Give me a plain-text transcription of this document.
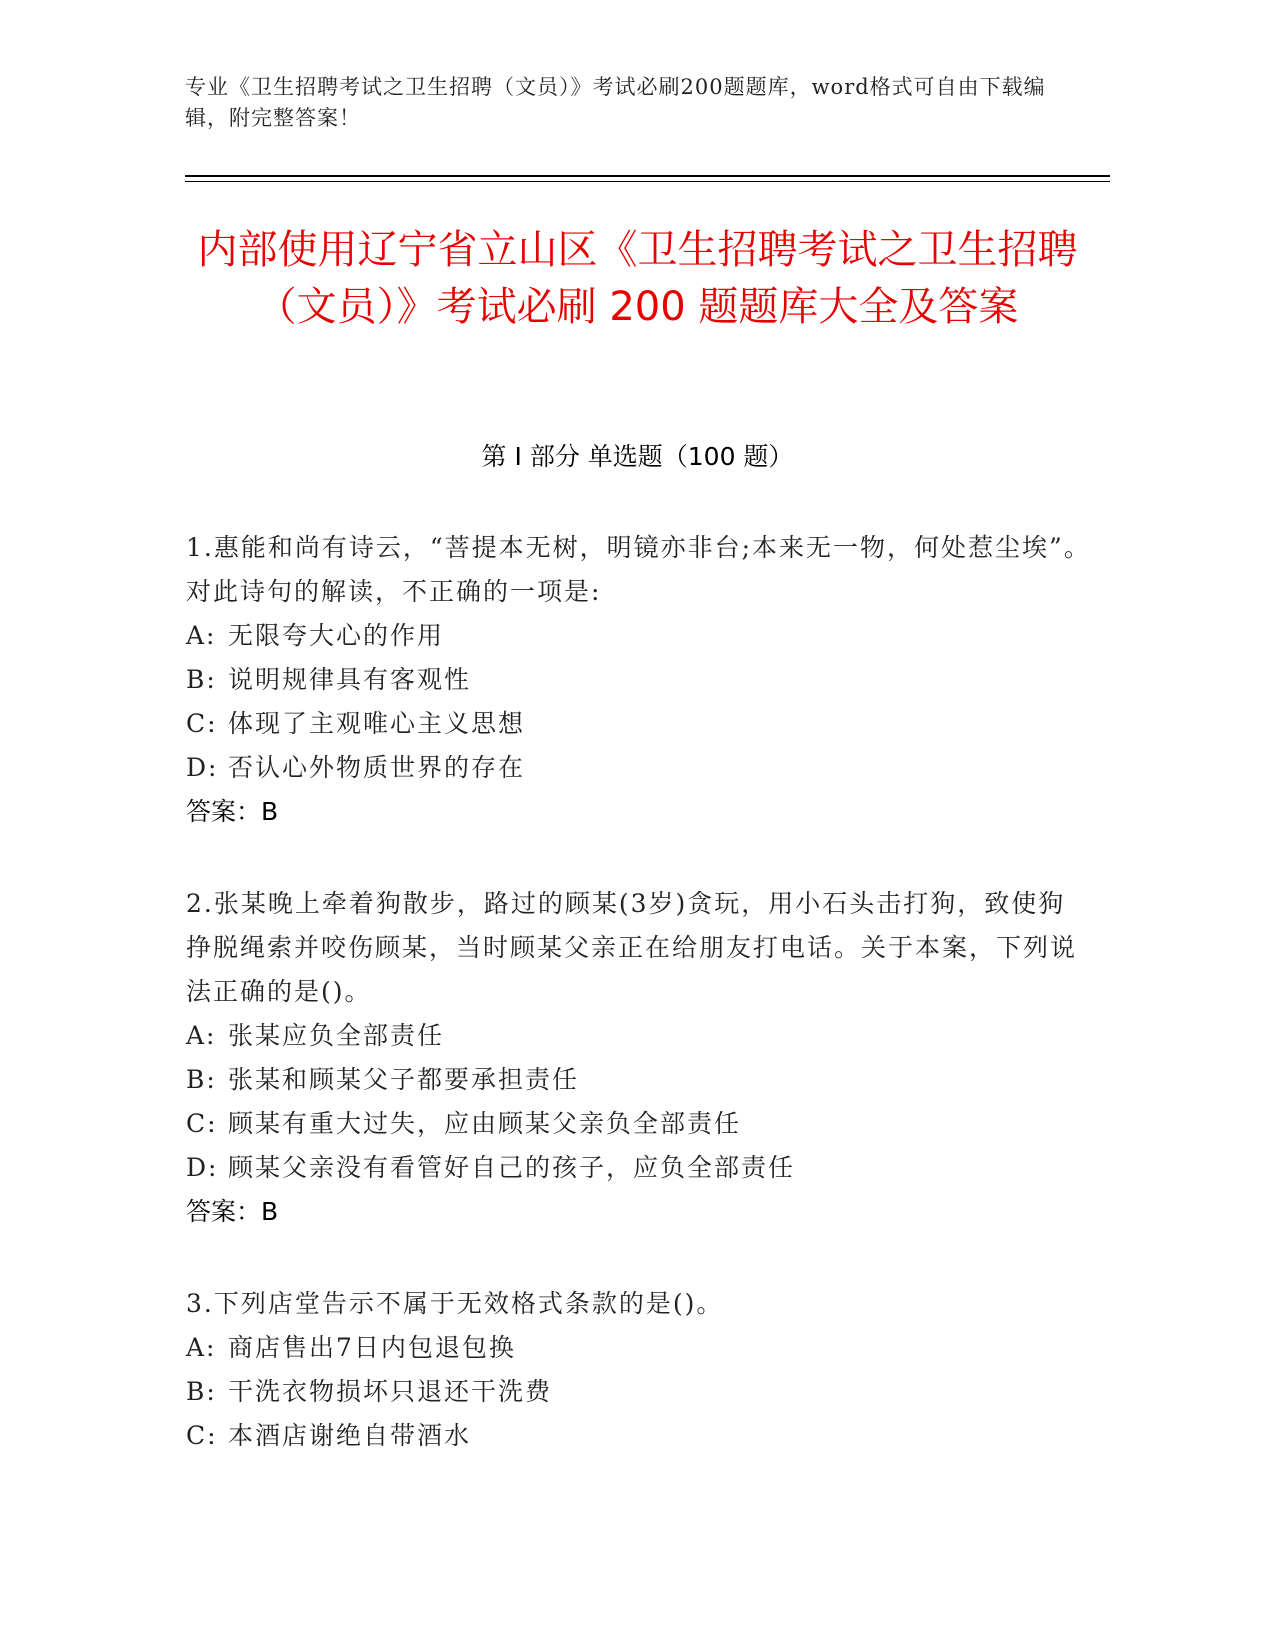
专业《卫生招聘考试之卫生招聘（文员）》考试必刷200题题库，word格式可自由下载编辑，附完整答案！
内部使用辽宁省立山区《卫生招聘考试之卫生招聘（文员）》考试必刷 200 题题库大全及答案
第 I 部分 单选题（100 题）
1.惠能和尚有诗云，“菩提本无树，明镜亦非台;本来无一物，何处惹尘埃”。对此诗句的解读，不正确的一项是:
A: 无限夸大心的作用
B: 说明规律具有客观性
C: 体现了主观唯心主义思想
D: 否认心外物质世界的存在
答案：B
2.张某晚上牵着狗散步，路过的顾某(3岁)贪玩，用小石头击打狗，致使狗挣脱绳索并咬伤顾某，当时顾某父亲正在给朋友打电话。关于本案，下列说法正确的是()。
A: 张某应负全部责任
B: 张某和顾某父子都要承担责任
C: 顾某有重大过失，应由顾某父亲负全部责任
D: 顾某父亲没有看管好自己的孩子，应负全部责任
答案：B
3.下列店堂告示不属于无效格式条款的是()。
A: 商店售出7日内包退包换
B: 干洗衣物损坏只退还干洗费
C: 本酒店谢绝自带酒水
